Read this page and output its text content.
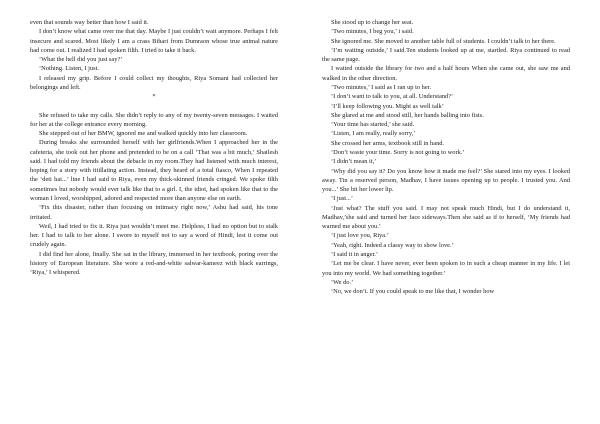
even that sounds way better than how I said it.

I don’t know what came over me that day. Maybe I just couldn’t wait anymore. Perhaps I felt insecure and scared. Most likely I am a crass Bihari from Dumraon whose true animal nature had come out. I realized I had spoken filth. I tried to take it back.

‘What the hell did you just say?’

‘Nothing. Listen, I just.

I released my grip. Before I could collect my thoughts, Riya Somani had collected her belongings and left.

*

She refused to take my calls. She didn’t reply to any of my twenty-seven messages. I waited for her at the college entrance every morning.

She stepped out of her BMW, ignored me and walked quickly into her classroom.

During breaks she surrounded herself with her girlfriends.When I approached her in the cafeteria, she took out her phone and pretended to be on a call ‘That was a bit much,’ Shailesh said. I had told my friends about the debacle in my room.They had listened with much interest, hoping for a story with titillating action. Instead, they heard of a total fiasco, When I repeated the ‘deti hai...’ line I had said to Riya, even my thick-skinned friends cringed. We spoke filth sometimes but nobody would ever talk like that to a girl. I, the idiot, had spoken like that to the woman I loved, worshipped, adored and respected more than anyone else on earth.

‘Fix this disaster, rather than focusing on intimacy right now,’ Ashu had said, his tone irritated.

Weil, I had tried to fix it. Riya just wouldn’t meet me. Helpless, I had no option but to stalk her. I had to talk to her alone. I swore to myself not to say a word of Hindi, lest it come out crudely again.

I did find her alone, finally. She sat in the library, immersed in her textbook, poring over the history of European literature. She wore a red-and-white salwar-kameez with black earrings, ‘Riya,’ I whispered.

She stood up to change her seat.

‘Two minutes, I beg you,’ i said.

She ignored me. She moved to another table full of students. I couldn’t talk to her there.

‘I’m waiting outside,’ I said.Ten students looked up at me, startled. Riya continued to read the same page.

I waited outside the library for two and a half hours When she came out, she saw me and walked in the other direction.

‘Two minutes,’ I said as I ran up to her.

‘I don’t want to talk to you, at all. Understand?’

‘I’ll keep following you. Might as well talk’

She glared at me and stood still, her hands balling into fists.

‘Your time has started,’ she said.

‘Listen, I am really, really sorry,’

She crossed her arms, textbook still in hand.

‘Don’t waste your time. Sorry is not going to work.’

‘I didn’t mean it,’

‘Why did you say it? Do you know how it made me feel?’ She stared into my eyes. I looked away. Tin a reserved person, Madhav, I have issues opening up to people. I trusted you. And you...’ She bit her lower lip.

‘I just...’

‘Just what? The stuff you said. I may not speak much Hindi, but I do understand it, Madhav,’she said and turned her face sideways.Then she said as if to herself, ‘My friends had warned me about you.’

‘I just love you, Riya.’

‘Yeah, right. Indeed a classy way to show love.’

‘I said it in anger.’

‘Let me be clear. I have never, ever been spoken to in such a cheap manner in my life. I let you into my world. We had something together.’

‘We do.’

‘No, we don’t. If you could speak to me like that, I wonder how
